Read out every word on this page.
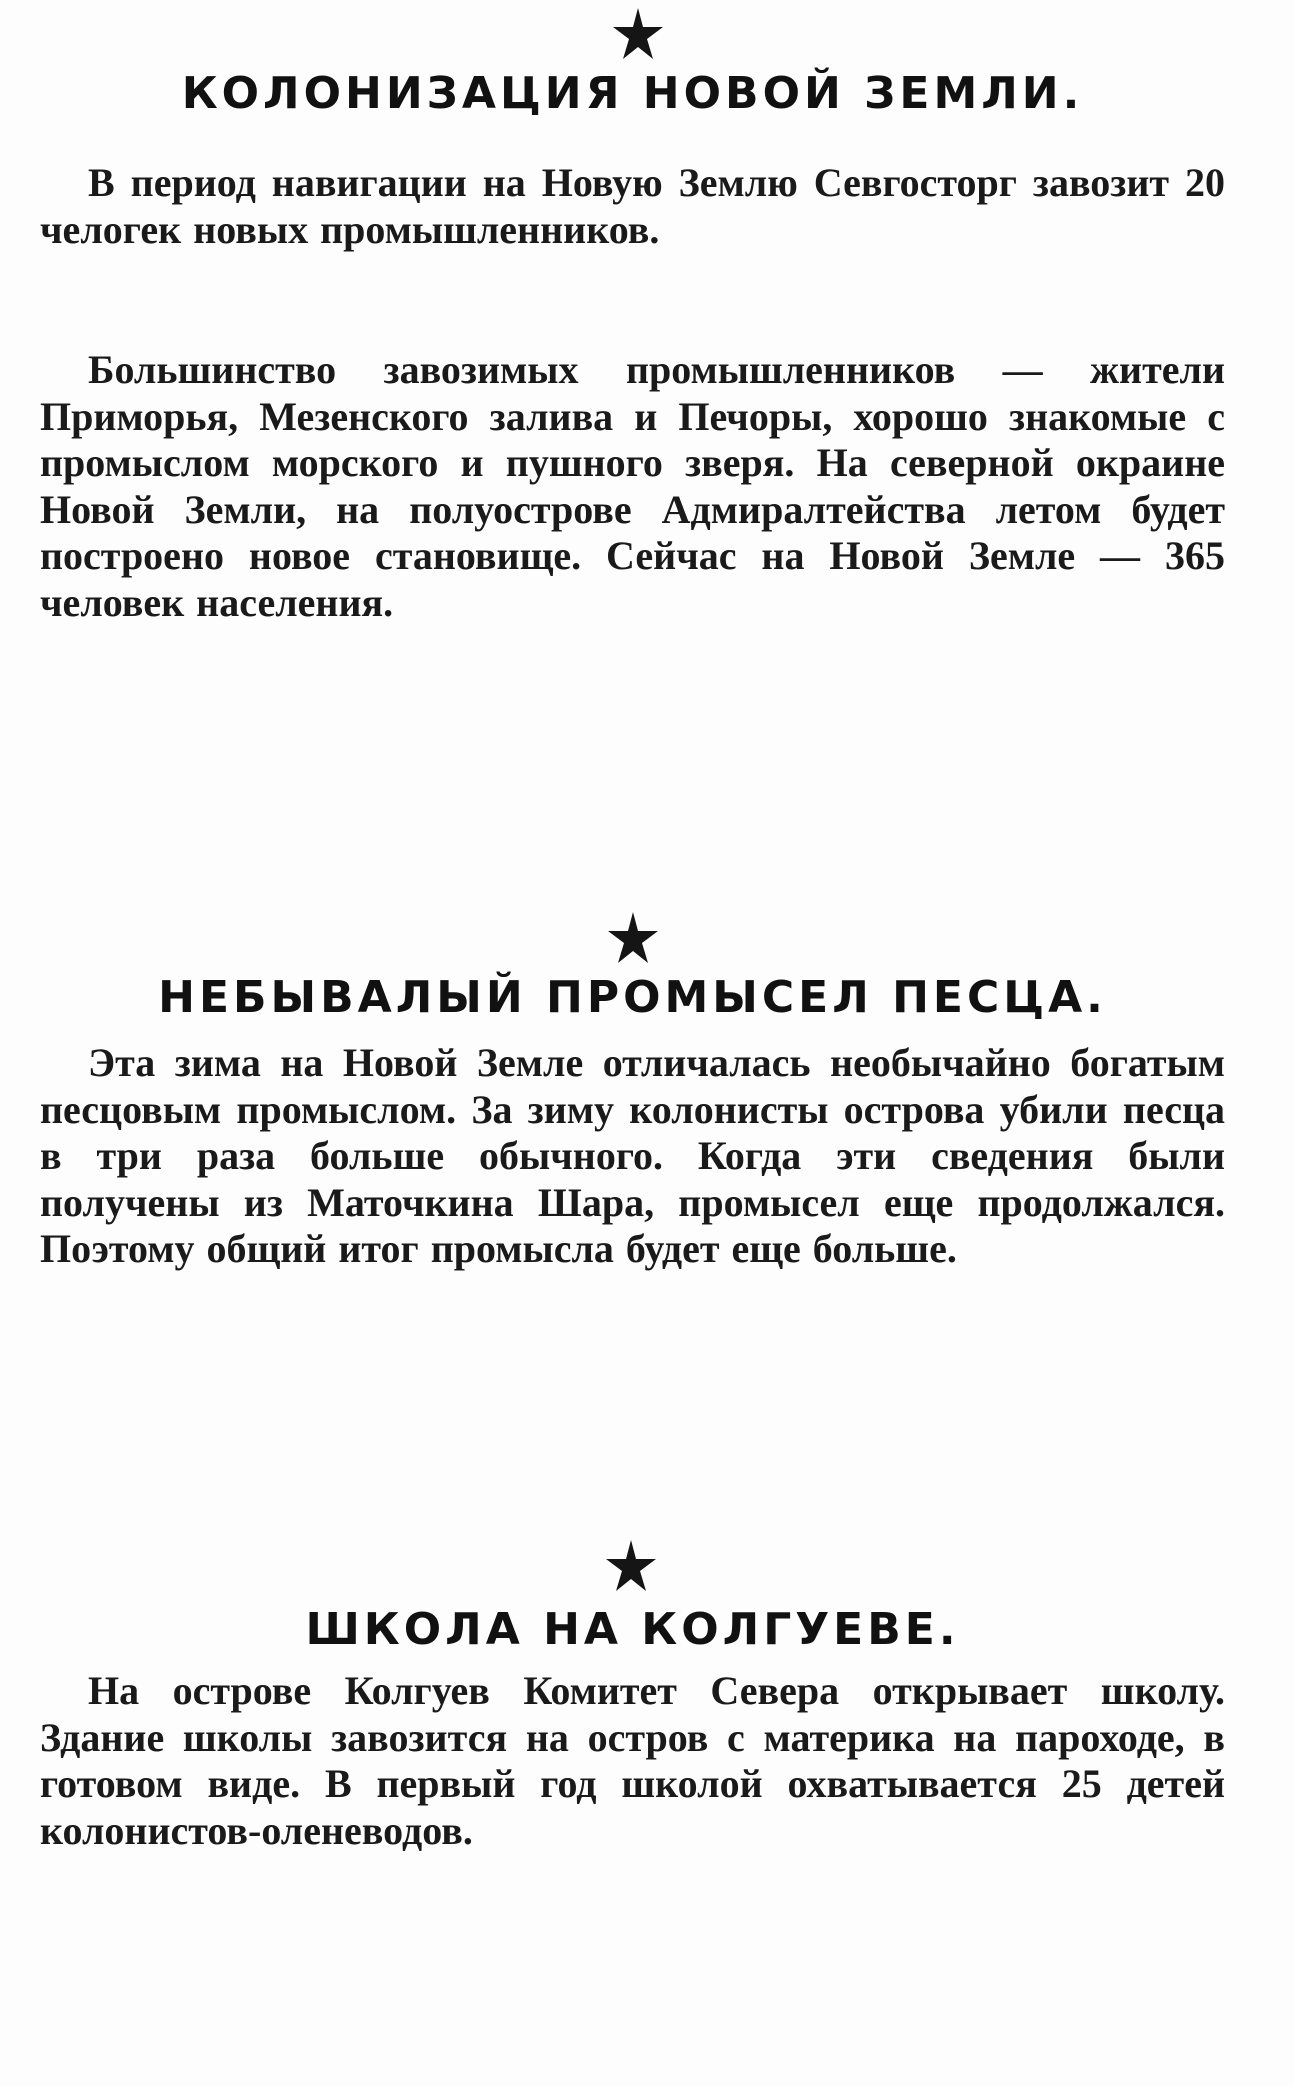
КОЛОНИЗАЦИЯ НОВОЙ ЗЕМЛИ.
В период навигации на Новую Землю Севгосторг завозит 20 челогек новых промышленников.
Большинство завозимых промышленников — жители Приморья, Мезенского залива и Печоры, хорошо знакомые с промыслом морского и пушного зверя. На северной окраине Новой Земли, на полуострове Адмиралтейства летом будет построено новое становище. Сейчас на Новой Земле — 365 человек населения.
НЕБЫВАЛЫЙ ПРОМЫСЕЛ ПЕСЦА.
Эта зима на Новой Земле отличалась необычайно богатым песцовым промыслом. За зиму колонисты острова убили песца в три раза больше обычного. Когда эти сведения были получены из Маточкина Шара, промысел еще продолжался. Поэтому общий итог промысла будет еще больше.
ШКОЛА НА КОЛГУЕВЕ.
На острове Колгуев Комитет Севера открывает школу. Здание школы завозится на остров с материка на пароходе, в готовом виде. В первый год школой охватывается 25 детей колонистов-оленеводов.
